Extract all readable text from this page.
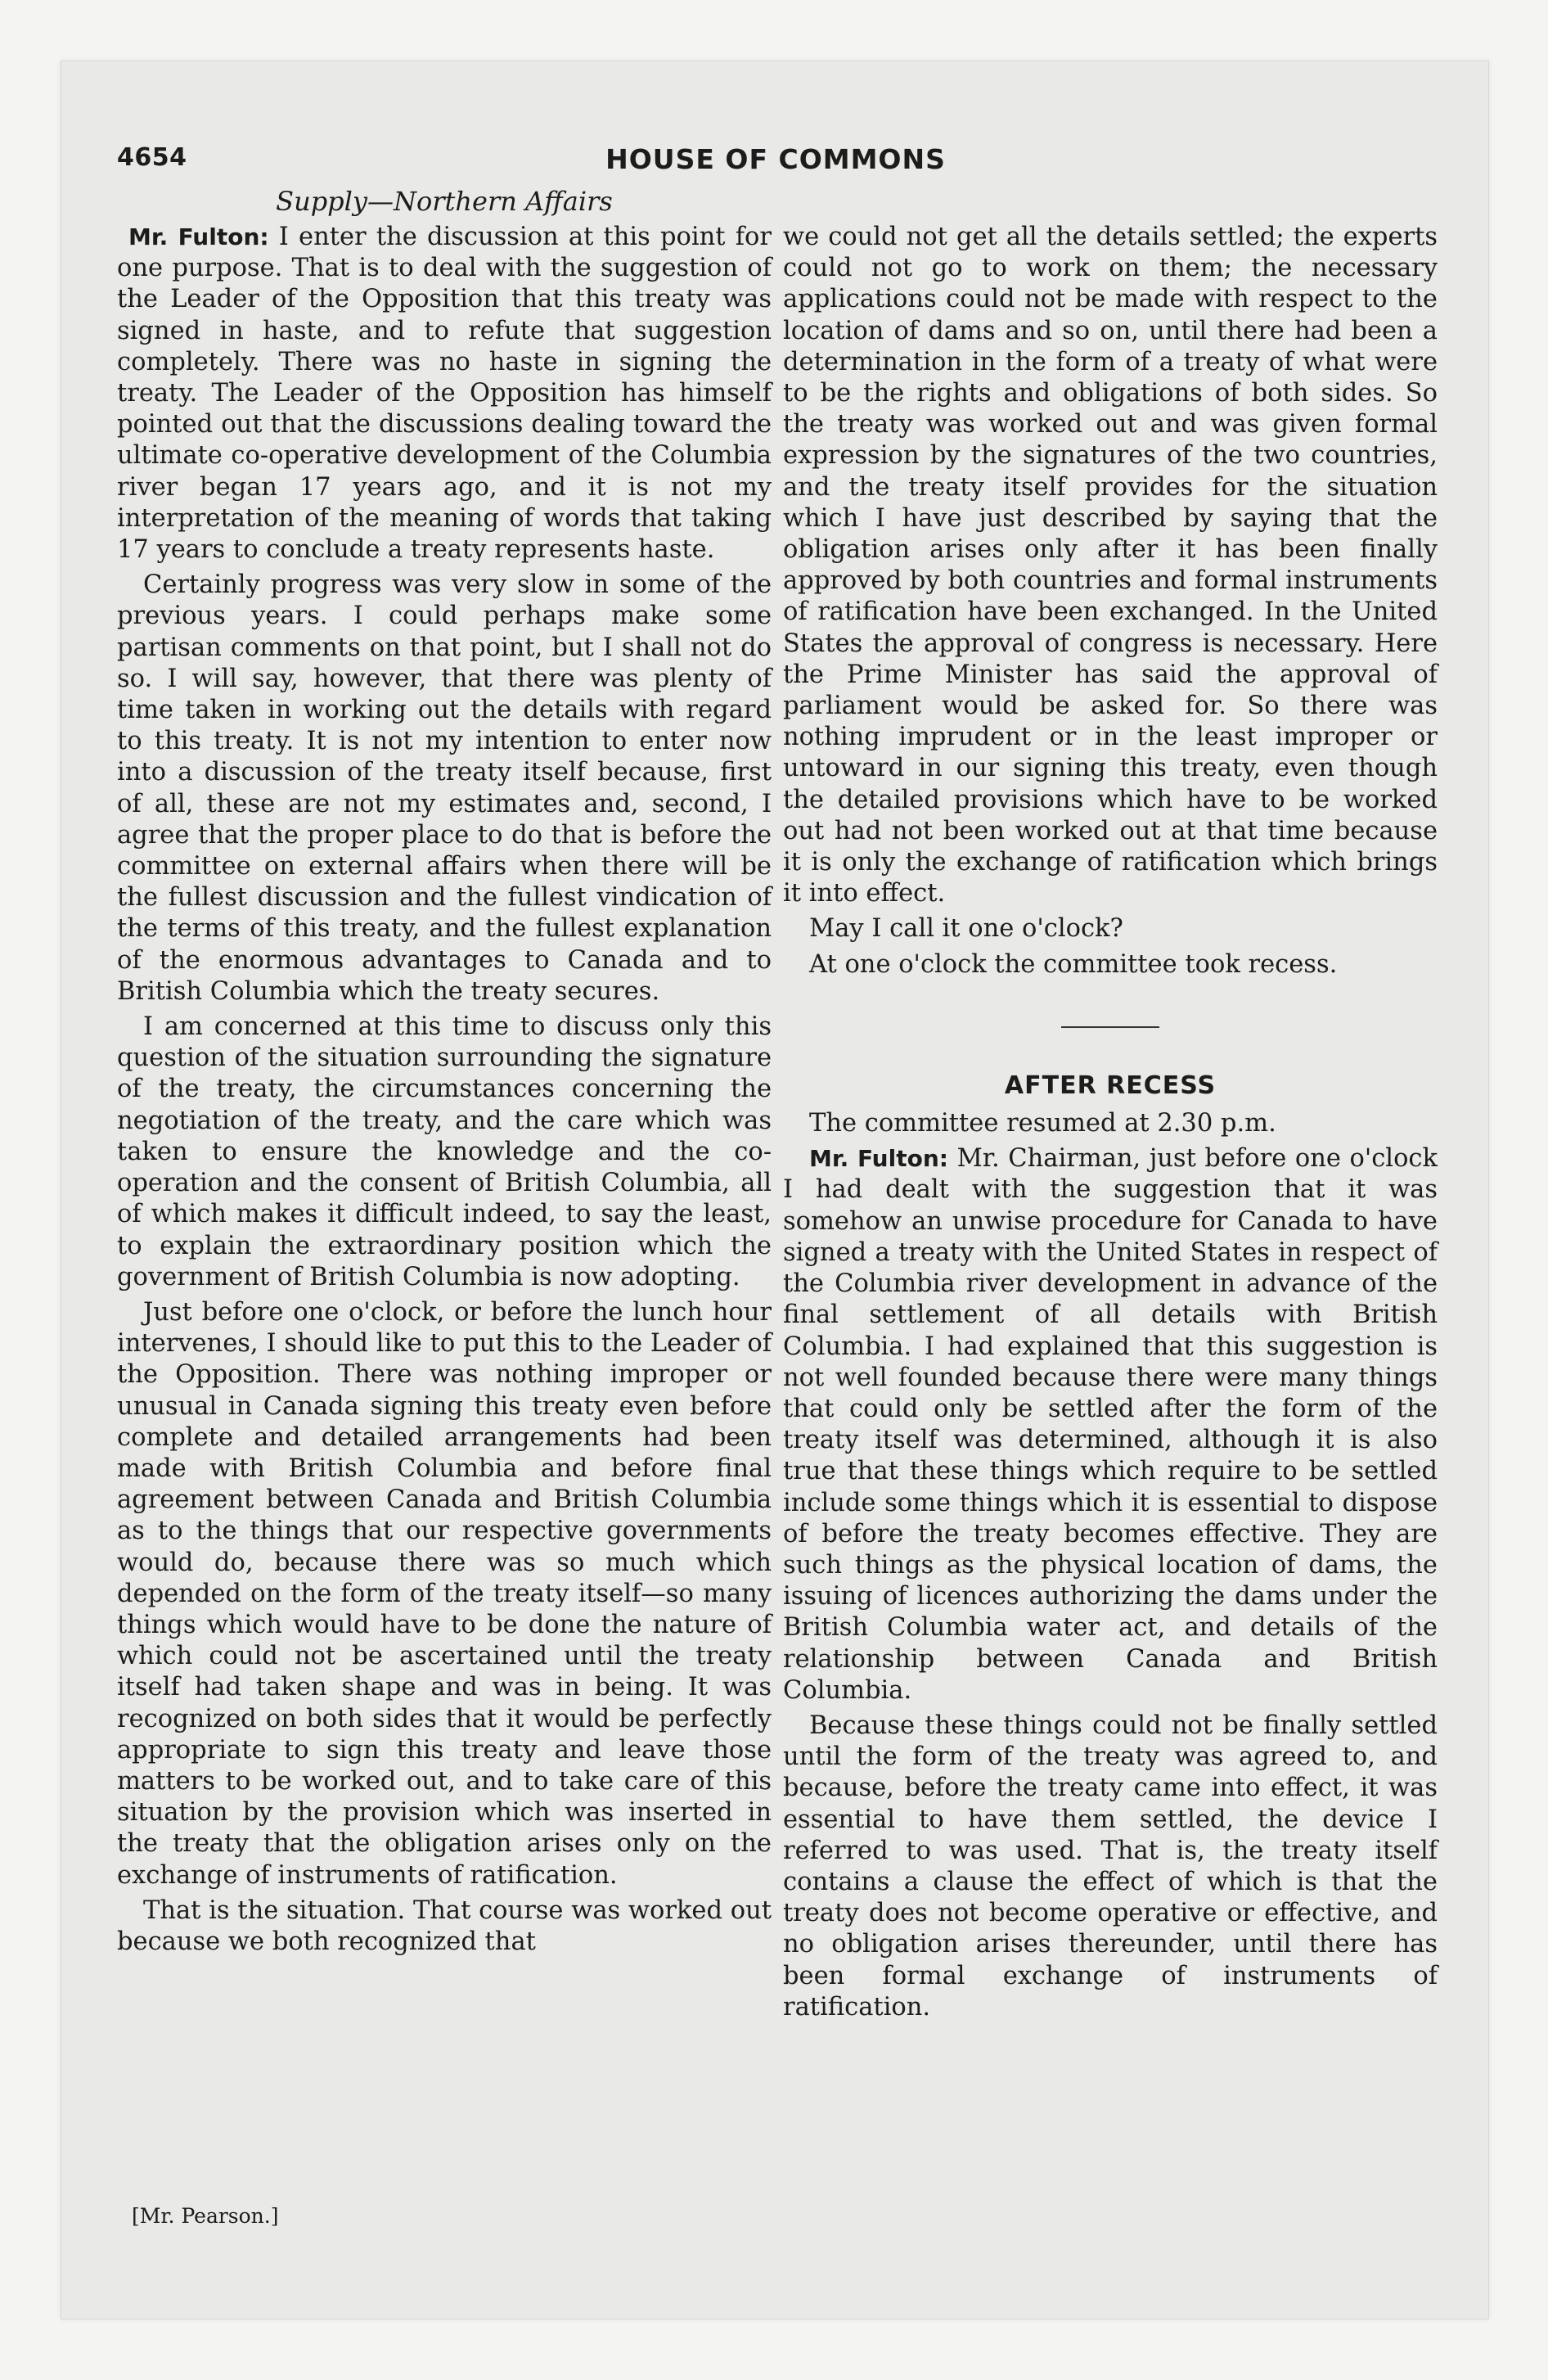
4654	HOUSE OF COMMONS
Supply—Northern Affairs

Mr. Fulton: I enter the discussion at this point for one purpose. That is to deal with the suggestion of the Leader of the Opposition that this treaty was signed in haste, and to refute that suggestion completely. There was no haste in signing the treaty. The Leader of the Opposition has himself pointed out that the discussions dealing toward the ultimate co-operative development of the Columbia river began 17 years ago, and it is not my interpretation of the meaning of words that taking 17 years to conclude a treaty represents haste.

Certainly progress was very slow in some of the previous years. I could perhaps make some partisan comments on that point, but I shall not do so. I will say, however, that there was plenty of time taken in working out the details with regard to this treaty. It is not my intention to enter now into a discussion of the treaty itself because, first of all, these are not my estimates and, second, I agree that the proper place to do that is before the committee on external affairs when there will be the fullest discussion and the fullest vindication of the terms of this treaty, and the fullest explanation of the enormous advantages to Canada and to British Columbia which the treaty secures.

I am concerned at this time to discuss only this question of the situation surrounding the signature of the treaty, the circumstances concerning the negotiation of the treaty, and the care which was taken to ensure the knowledge and the co-operation and the consent of British Columbia, all of which makes it difficult indeed, to say the least, to explain the extraordinary position which the government of British Columbia is now adopting.

Just before one o'clock, or before the lunch hour intervenes, I should like to put this to the Leader of the Opposition. There was nothing improper or unusual in Canada signing this treaty even before complete and detailed arrangements had been made with British Columbia and before final agreement between Canada and British Columbia as to the things that our respective governments would do, because there was so much which depended on the form of the treaty itself—so many things which would have to be done the nature of which could not be ascertained until the treaty itself had taken shape and was in being. It was recognized on both sides that it would be perfectly appropriate to sign this treaty and leave those matters to be worked out, and to take care of this situation by the provision which was inserted in the treaty that the obligation arises only on the exchange of instruments of ratification.

That is the situation. That course was worked out because we both recognized that

[Mr. Pearson.]

we could not get all the details settled; the experts could not go to work on them; the necessary applications could not be made with respect to the location of dams and so on, until there had been a determination in the form of a treaty of what were to be the rights and obligations of both sides. So the treaty was worked out and was given formal expression by the signatures of the two countries, and the treaty itself provides for the situation which I have just described by saying that the obligation arises only after it has been finally approved by both countries and formal instruments of ratification have been exchanged. In the United States the approval of congress is necessary. Here the Prime Minister has said the approval of parliament would be asked for. So there was nothing imprudent or in the least improper or untoward in our signing this treaty, even though the detailed provisions which have to be worked out had not been worked out at that time because it is only the exchange of ratification which brings it into effect.

May I call it one o'clock?

At one o'clock the committee took recess.

AFTER RECESS

The committee resumed at 2.30 p.m.

Mr. Fulton: Mr. Chairman, just before one o'clock I had dealt with the suggestion that it was somehow an unwise procedure for Canada to have signed a treaty with the United States in respect of the Columbia river development in advance of the final settlement of all details with British Columbia. I had explained that this suggestion is not well founded because there were many things that could only be settled after the form of the treaty itself was determined, although it is also true that these things which require to be settled include some things which it is essential to dispose of before the treaty becomes effective. They are such things as the physical location of dams, the issuing of licences authorizing the dams under the British Columbia water act, and details of the relationship between Canada and British Columbia.

Because these things could not be finally settled until the form of the treaty was agreed to, and because, before the treaty came into effect, it was essential to have them settled, the device I referred to was used. That is, the treaty itself contains a clause the effect of which is that the treaty does not become operative or effective, and no obligation arises thereunder, until there has been formal exchange of instruments of ratification.
